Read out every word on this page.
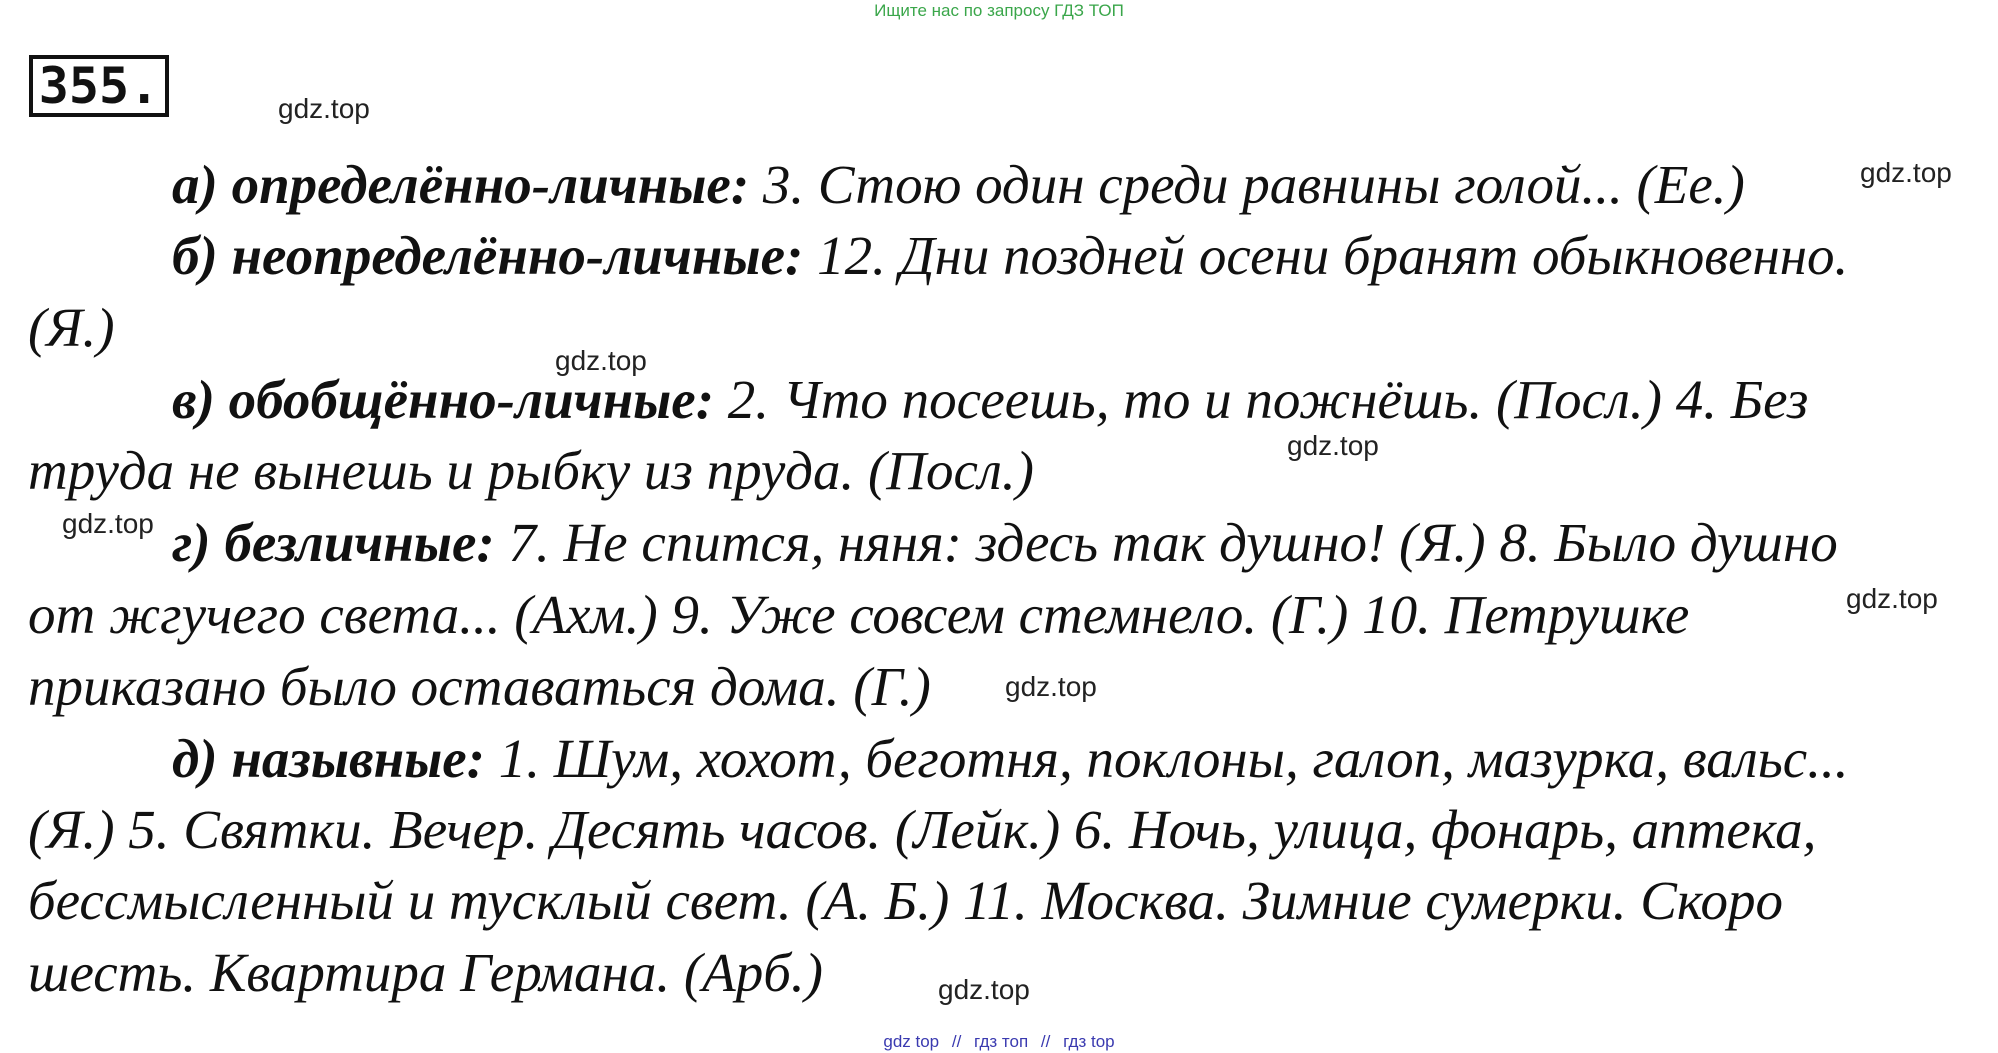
Ищите нас по запросу ГДЗ ТОП
355.	gdz.top
gdz.top
gdz.top
gdz.top
gdz.top
gdz.top
gdz.top
gdz.top
а) определённо-личные: 3. Стою один среди равнины голой... (Ее.)
б) неопределённо-личные: 12. Дни поздней осени бранят обыкновенно.
(Я.)
в) обобщённо-личные: 2. Что посеешь, то и пожнёшь. (Посл.) 4. Без
труда не вынешь и рыбку из пруда. (Посл.)
г) безличные: 7. Не спится, няня: здесь так душно! (Я.) 8. Было душно
от жгучего света... (Ахм.) 9. Уже совсем стемнело. (Г.) 10. Петрушке
приказано было оставаться дома. (Г.)
д) назывные: 1. Шум, хохот, беготня, поклоны, галоп, мазурка, вальс...
(Я.) 5. Святки. Вечер. Десять часов. (Лейк.) 6. Ночь, улица, фонарь, аптека,
бессмысленный и тусклый свет. (А. Б.) 11. Москва. Зимние сумерки. Скоро
шесть. Квартира Германа. (Арб.)
gdz top // гдз топ // гдз top
